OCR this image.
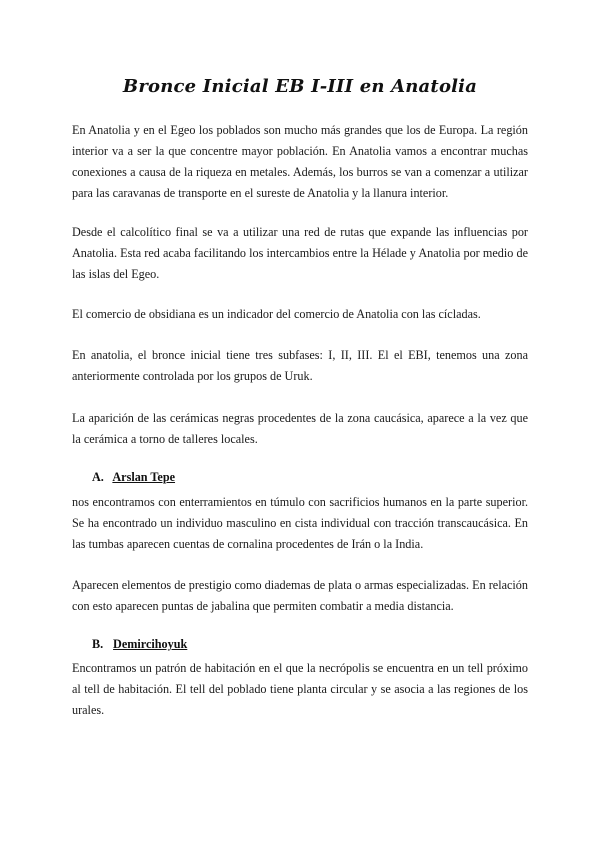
Bronce Inicial EB I-III en Anatolia

En Anatolia y en el Egeo los poblados son mucho más grandes que los de Europa. La región interior va a ser la que concentre mayor población. En Anatolia vamos a encontrar muchas conexiones a causa de la riqueza en metales. Además, los burros se van a comenzar a utilizar para las caravanas de transporte en el sureste de Anatolia y la llanura interior.

Desde el calcolítico final se va a utilizar una red de rutas que expande las influencias por Anatolia. Esta red acaba facilitando los intercambios entre la Hélade y Anatolia por medio de las islas del Egeo.

El comercio de obsidiana es un indicador del comercio de Anatolia con las cícladas.

En anatolia, el bronce inicial tiene tres subfases: I, II, III. El el EBI, tenemos una zona anteriormente controlada por los grupos de Uruk.

La aparición de las cerámicas negras procedentes de la zona caucásica, aparece a la vez que la cerámica a torno de talleres locales.

A. Arslan Tepe

nos encontramos con enterramientos en túmulo con sacrificios humanos en la parte superior. Se ha encontrado un individuo masculino en cista individual con tracción transcaucásica. En las tumbas aparecen cuentas de cornalina procedentes de Irán o la India.

Aparecen elementos de prestigio como diademas de plata o armas especializadas. En relación con esto aparecen puntas de jabalina que permiten combatir a media distancia.

B. Demircihoyuk

Encontramos un patrón de habitación en el que la necrópolis se encuentra en un tell próximo al tell de habitación. El tell del poblado tiene planta circular y se asocia a las regiones de los urales.
